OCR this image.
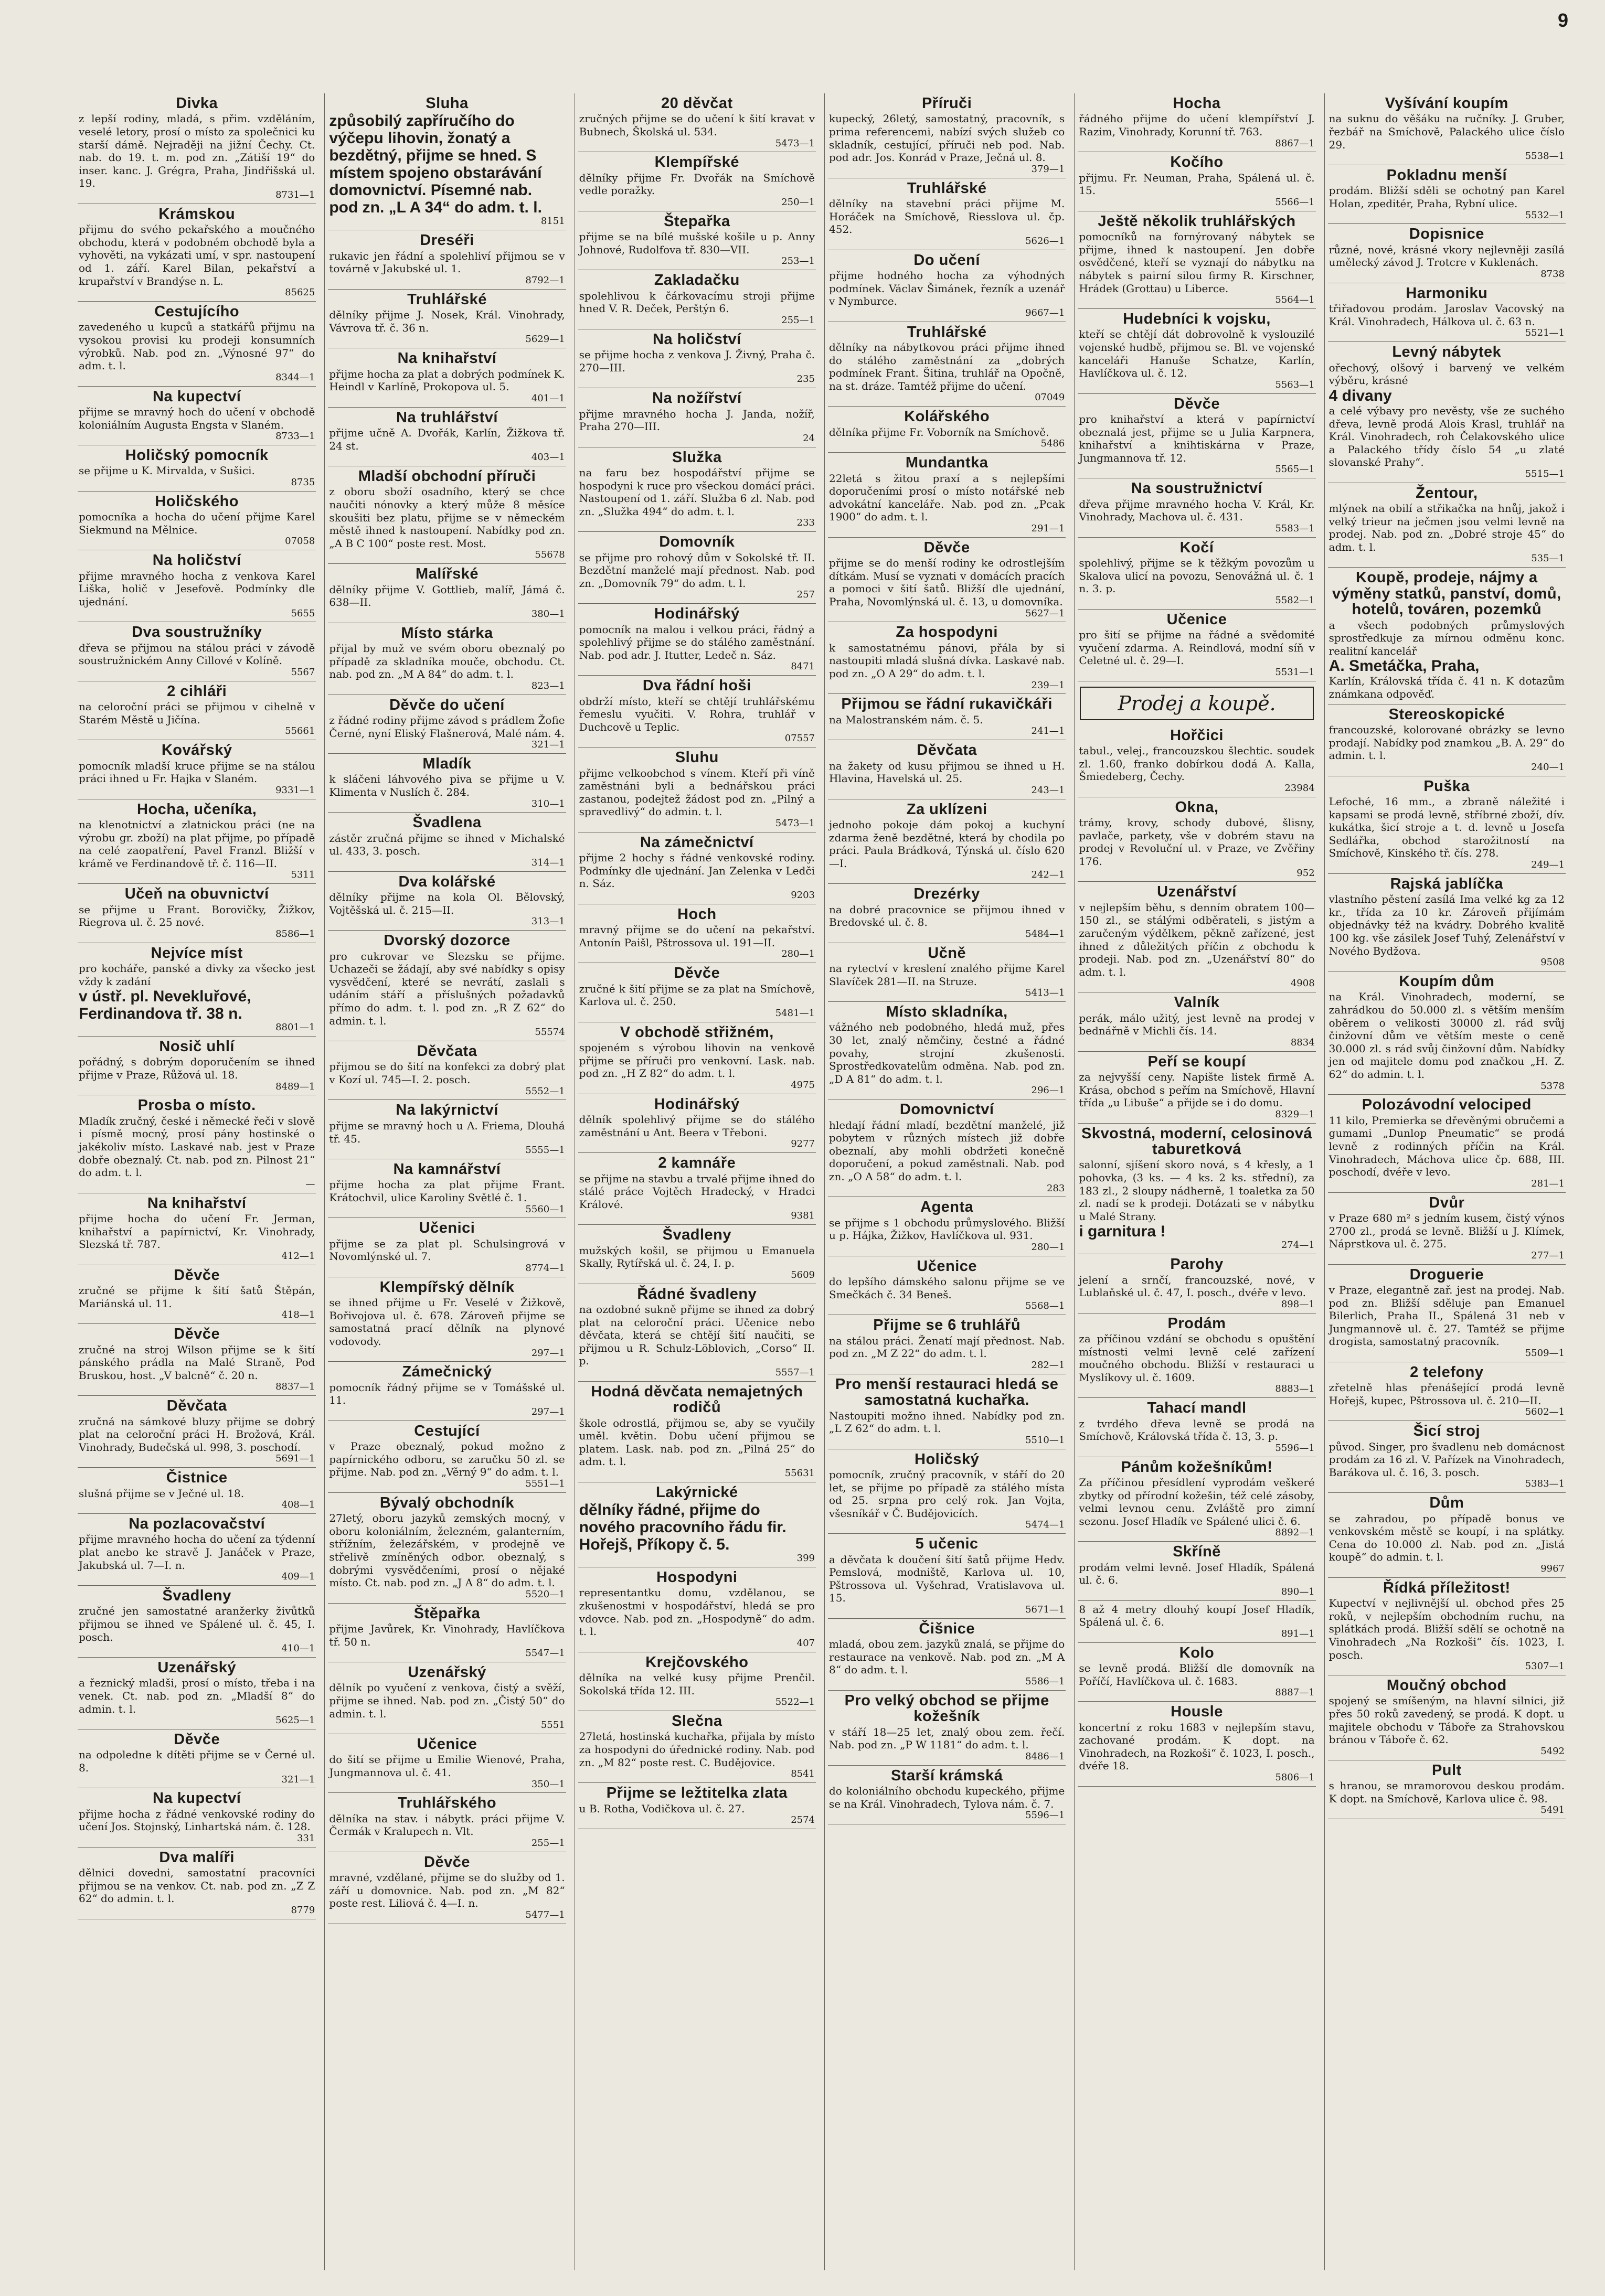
9
Divka

z lepší rodiny, mladá, s přim. vzděláním, veselé letory, prosí o místo za společnici ku starší dámě. Nejraději na jižní Čechy. Ct. nab. do 19. t. m. pod zn. „Zátiší 19“ do inser. kanc. J. Grégra, Praha, Jindřišská ul. 19.

8731—1
Krámskou

přijmu do svého pekařského a moučného obchodu, která v podobném obchodě byla a vyhověti, na vykázati umí, v spr. nastoupení od 1. září. Karel Bilan, pekařství a krupařství v Brandýse n. L.

85625
Cestujícího

zavedeného u kupců a statkářů přijmu na vysokou provisi ku prodeji konsumních výrobků. Nab. pod zn. „Výnosné 97“ do adm. t. l.

8344—1
Na kupectví

přijme se mravný hoch do učení v obchodě koloniálním Augusta Engsta v Slaném.

8733—1
Holičský pomocník

se přijme u K. Mirvalda, v Sušici.

8735
Holičského

pomocníka a hocha do učení přijme Karel Siekmund na Mělnice.

07058
Na holičství

přijme mravného hocha z venkova Karel Liška, holič v Jesefově. Podmínky dle ujednání.

5655
Dva soustružníky

dřeva se přijmou na stálou práci v závodě soustružnickém Anny Cillové v Kolíně.

5567
2 cihláři

na celoroční práci se přijmou v cihelně v Starém Městě u Jičína.

55661
Kovářský

pomocník mladší kruce přijme se na stálou práci ihned u Fr. Hajka v Slaném.

9331—1
Hocha, učeníka,

na klenotnictví a zlatnickou práci (ne na výrobu gr. zboží) na plat přijme, po případě na celé zaopatření, Pavel Franzl. Bližší v krámě ve Ferdinandově tř. č. 116—II.

5311
Učeň na obuvnictví

se přijme u Frant. Borovičky, Žižkov, Riegrova ul. č. 25 nové.

8586—1
Nejvíce míst

pro kocháře, panské a divky za všecko jest vždy k zadání

v ústř. pl. Nevekluřové, Ferdinandova tř. 38 n.

8801—1
Nosič uhlí

pořádný, s dobrým doporučením se ihned přijme v Praze, Růžová ul. 18.

8489—1
Prosba o místo.

Mladík zručný, české i německé řeči v slově i písmě mocný, prosí pány hostinské o jakékoliv místo. Laskavé nab. jest v Praze dobře obeznalý. Ct. nab. pod zn. Pilnost 21“ do adm. t. l.

—
Na knihařství

přijme hocha do učení Fr. Jerman, knihařství a papírnictví, Kr. Vinohrady, Slezská tř. 787.

412—1
Děvče

zručné se přijme k šití šatů Štěpán, Mariánská ul. 11.

418—1
Děvče

zručné na stroj Wilson přijme se k šití pánského prádla na Malé Straně, Pod Bruskou, host. „V balcně“ č. 20 n.

8837—1
Děvčata

zručná na sámkové bluzy přijme se dobrý plat na celoroční práci H. Brožová, Král. Vinohrady, Budečská ul. 998, 3. poschodí.

5691—1
Čistnice

slušná přijme se v Ječné ul. 18.

408—1
Na pozlacovačství

přijme mravného hocha do učení za týdenní plat anebo ke stravě J. Janáček v Praze, Jakubská ul. 7—I. n.

409—1
Švadleny

zručné jen samostatné aranžerky živůtků přijmou se ihned ve Spálené ul. č. 45, I. posch.

410—1
Uzenářský

a řeznický mladši, prosí o místo, třeba i na venek. Ct. nab. pod zn. „Mladší 8“ do admin. t. l.

5625—1
Děvče

na odpoledne k dítěti přijme se v Černé ul. 8.

321—1
Na kupectví

přijme hocha z řádné venkovské rodiny do učení Jos. Stojnský, Linhartská nám. č. 128.

331
Dva malíři

dělnici dovedni, samostatní pracovníci přijmou se na venkov. Ct. nab. pod zn. „Z Z 62“ do admin. t. l.

8779
Sluha

způsobilý zapříručího do výčepu lihovin, žonatý a bezdětný, přijme se hned. S místem spojeno obstarávání domovnictví. Písemné nab. pod zn. „L A 34“ do adm. t. l.

8151
Dreséři

rukavic jen řádní a spolehliví přijmou se v továrně v Jakubské ul. 1.

8792—1
Truhlářské

dělníky přijme J. Nosek, Král. Vinohrady, Vávrova tř. č. 36 n.

5629—1
Na knihařství

přijme hocha za plat a dobrých podmínek K. Heindl v Karlíně, Prokopova ul. 5.

401—1
Na truhlářství

přijme učně A. Dvořák, Karlín, Žižkova tř. 24 st.

403—1
Mladší obchodní příruči

z oboru sboží osadního, který se chce naučiti nónovky a který může 8 měsíce skoušiti bez platu, přijme se v německém městě ihned k nastoupení. Nabídky pod zn. „A B C 100“ poste rest. Most.

55678
Malířské

dělníky přijme V. Gottlieb, malíř, Jámá č. 638—II.

380—1
Místo stárka

přijal by muž ve svém oboru obeznalý po případě za skladníka mouče, obchodu. Ct. nab. pod zn. „M A 84“ do adm. t. l.

823—1
Děvče do učení

z řádné rodiny přijme závod s prádlem Žofie Černé, nyní Eliský Flašnerová, Malé nám. 4.

321—1
Mladík

k sláčeni láhvového piva se přijme u V. Klimenta v Nuslích č. 284.

310—1
Švadlena

zástěr zručná přijme se ihned v Michalské ul. 433, 3. posch.

314—1
Dva kolářské

dělníky přijme na kola Ol. Bělovský, Vojtěšská ul. č. 215—II.

313—1
Dvorský dozorce

pro cukrovar ve Slezsku se přijme. Uchazeči se žádají, aby své nabídky s opisy vysvědčení, které se nevrátí, zaslali s udáním stáří a příslušných požadavků přímo do adm. t. l. pod zn. „R Z 62“ do admin. t. l.

55574
Děvčata

přijmou se do šití na konfekci za dobrý plat v Kozí ul. 745—I. 2. posch.

5552—1
Na lakýrnictví

přijme se mravný hoch u A. Friema, Dlouhá tř. 45.

5555—1
Na kamnářství

přijme hocha za plat přijme Frant. Krátochvil, ulice Karoliny Světlé č. 1.

5560—1
Učenici

přijme se za plat pl. Schulsingrová v Novomlýnské ul. 7.

8774—1
Klempířský dělník

se ihned přijme u Fr. Veselé v Žižkově, Bořivojova ul. č. 678. Zároveň přijme se samostatná prací dělník na plynové vodovody.

297—1
Zámečnický

pomocník řádný přijme se v Tomášské ul. 11.

297—1
Cestující

v Praze obeznalý, pokud možno z papírnického odboru, se zaručku 50 zl. se přijme. Nab. pod zn. „Věrný 9“ do adm. t. l.

5551—1
Bývalý obchodník

27letý, oboru jazyků zemských mocný, v oboru koloniálním, železném, galanterním, střížním, železářském, v prodejně ve střelivě zmíněných odbor. obeznalý, s dobrými vysvědčeními, prosí o nějaké místo. Ct. nab. pod zn. „J A 8“ do adm. t. l.

5520—1
Štěpařka

přijme Javůrek, Kr. Vinohrady, Havlíčkova tř. 50 n.

5547—1
Uzenářský

dělník po vyučení z venkova, čistý a svěží, přijme se ihned. Nab. pod zn. „Čistý 50“ do admin. t. l.

5551
Učenice

do šití se přijme u Emilie Wienové, Praha, Jungmannova ul. č. 41.

350—1
Truhlářského

dělníka na stav. i nábytk. práci přijme V. Čermák v Kralupech n. Vlt.

255—1
Děvče

mravné, vzdělané, přijme se do služby od 1. září u domovnice. Nab. pod zn. „M 82“ poste rest. Liliová č. 4—I. n.

5477—1
20 děvčat

zručných přijme se do učení k šití kravat v Bubnech, Školská ul. 534.

5473—1
Klempířské

dělníky přijme Fr. Dvořák na Smíchově vedle poražky.

250—1
Štepařka

přijme se na bílé mušské košile u p. Anny Johnové, Rudolfova tř. 830—VII.

253—1
Zakladačku

spolehlivou k čárkovacímu stroji přijme hned V. R. Deček, Perštýn 6.

255—1
Na holičství

se přijme hocha z venkova J. Živný, Praha č. 270—III.

235
Na nožířství

přijme mravného hocha J. Janda, nožíř, Praha 270—III.

24
Služka

na faru bez hospodářství přijme se hospodyni k ruce pro všeckou domácí práci. Nastoupení od 1. září. Služba 6 zl. Nab. pod zn. „Služka 494“ do adm. t. l.

233
Domovník

se přijme pro rohový dům v Sokolské tř. II. Bezdětní manželé mají přednost. Nab. pod zn. „Domovník 79“ do adm. t. l.

257
Hodinářský

pomocník na malou i velkou práci, řádný a spolehlivý přijme se do stálého zaměstnání. Nab. pod adr. J. Itutter, Ledeč n. Sáz.

8471
Dva řádní hoši

obdrží místo, kteří se chtějí truhlářskému řemeslu vyučiti. V. Rohra, truhlář v Duchcově u Teplic.

07557
Sluhu

přijme velkoobchod s vínem. Kteří při víně zaměstnáni byli a bednářskou práci zastanou, podejtež žádost pod zn. „Pilný a spravedlivý“ do admin. t. l.

5473—1
Na zámečnictví

přijme 2 hochy s řádné venkovské rodiny. Podmínky dle ujednání. Jan Zelenka v Ledči n. Sáz.

9203
Hoch

mravný přijme se do učení na pekařství. Antonín Paišl, Pštrossova ul. 191—II.

280—1
Děvče

zručné k šití přijme se za plat na Smíchově, Karlova ul. č. 250.

5481—1
V obchodě střižném,

spojeném s výrobou lihovin na venkově přijme se příruči pro venkovní. Lask. nab. pod zn. „H Z 82“ do adm. t. l.

4975
Hodinářský

dělník spolehlivý přijme se do stálého zaměstnání u Ant. Beera v Třeboni.

9277
2 kamnáře

se přijme na stavbu a trvalé přijme ihned do stálé práce Vojtěch Hradecký, v Hradci Králové.

9381
Švadleny

mužských košil, se přijmou u Emanuela Skally, Rytířská ul. č. 24, I. p.

5609
Řádné švadleny

na ozdobné sukně přijme se ihned za dobrý plat na celoroční práci. Učenice nebo děvčata, která se chtějí šití naučiti, se přijmou u R. Schulz-Löblovich, „Corso“ II. p.

5557—1
Hodná děvčata nemajetných rodičů

škole odrostlá, přijmou se, aby se vyučily uměl. květin. Dobu učení přijmou se platem. Lask. nab. pod zn. „Pilná 25“ do adm. t. l.

55631
Lakýrnické

dělníky řádné, přijme do nového pracovního řádu fir. Hořejš, Příkopy č. 5.

399
Hospodyni

representantku domu, vzdělanou, se zkušenostmi v hospodářství, hledá se pro vdovce. Nab. pod zn. „Hospodyně“ do adm. t. l.

407
Krejčovského

dělníka na velké kusy přijme Prenčil. Sokolská třída 12. III.

5522—1
Slečna

27letá, hostinská kuchařka, přijala by místo za hospodyni do úřednické rodiny. Nab. pod zn. „M 82“ poste rest. C. Budějovice.

8541
Přijme se ležtitelka zlata

u B. Rotha, Vodičkova ul. č. 27.

2574
Příruči

kupecký, 26letý, samostatný, pracovník, s prima referencemi, nabízí svých služeb co skladník, cestující, příruči neb pod. Nab. pod adr. Jos. Konrád v Praze, Ječná ul. 8.

379—1
Truhlářské

dělníky na stavební práci přijme M. Horáček na Smíchově, Riesslova ul. čp. 452.

5626—1
Do učení

přijme hodného hocha za výhodných podmínek. Václav Šimánek, řezník a uzenář v Nymburce.

9667—1
Truhlářské

dělníky na nábytkovou práci přijme ihned do stálého zaměstnání za „dobrých podmínek Frant. Šitina, truhlář na Opočně, na st. dráze. Tamtéž přijme do učení.

07049
Kolářského

dělníka přijme Fr. Voborník na Smíchově.

5486
Mundantka

22letá s žitou praxí a s nejlepšími doporučeními prosí o místo notářské neb advokátní kanceláře. Nab. pod zn. „Pcak 1900“ do adm. t. l.

291—1
Děvče

přijme se do menší rodiny ke odrostlejším dítkám. Musí se vyznati v domácích pracích a pomoci v šití šatů. Bližší dle ujednání, Praha, Novomlýnská ul. č. 13, u domovníka.

5627—1
Za hospodyni

k samostatnému pánovi, přála by si nastoupiti mladá slušná dívka. Laskavé nab. pod zn. „O A 29“ do adm. t. l.

239—1
Přijmou se řádní rukavičkáři

na Malostranském nám. č. 5.

241—1
Děvčata

na žakety od kusu přijmou se ihned u H. Hlavina, Havelská ul. 25.

243—1
Za uklízeni

jednoho pokoje dám pokoj a kuchyní zdarma ženě bezdětné, která by chodila po práci. Paula Brádková, Týnská ul. číslo 620—I.

242—1
Drezérky

na dobré pracovnice se přijmou ihned v Bredovské ul. č. 8.

5484—1
Učně

na rytectví v kreslení znalého přijme Karel Slavíček 281—II. na Struze.

5413—1
Místo skladníka,

vážného neb podobného, hledá muž, přes 30 let, znalý němčiny, čestné a řádné povahy, strojní zkušenosti. Sprostředkovatelům odměna. Nab. pod zn. „D A 81“ do adm. t. l.

296—1
Domovnictví

hledají řádní mladí, bezdětní manželé, již pobytem v různých místech již dobře obeznalí, aby mohli obdržeti konečně doporučení, a pokud zaměstnali. Nab. pod zn. „O A 58“ do adm. t. l.

283
Agenta

se přijme s 1 obchodu průmyslového. Bližší u p. Hájka, Žižkov, Havlíčkova ul. 931.

280—1
Učenice

do lepšího dámského salonu přijme se ve Smečkách č. 34 Beneš.

5568—1
Přijme se 6 truhlářů

na stálou práci. Ženatí mají přednost. Nab. pod zn. „M Z 22“ do adm. t. l.

282—1
Pro menší restauraci hledá se samostatná kuchařka.

Nastoupiti možno ihned. Nabídky pod zn. „L Z 62“ do adm. t. l.

5510—1
Holičský

pomocník, zručný pracovník, v stáří do 20 let, se přijme po případě za stálého místa od 25. srpna pro celý rok. Jan Vojta, všesníkář v Č. Budějovicích.

5474—1
5 učenic

a děvčata k doučení šití šatů přijme Hedv. Pemslová, modniště, Karlova ul. 10, Pštrossova ul. Vyšehrad, Vratislavova ul. 15.

5671—1
Čišnice

mladá, obou zem. jazyků znalá, se přijme do restaurace na venkově. Nab. pod zn. „M A 8“ do adm. t. l.

5586—1
Pro velký obchod se přijme kožešník

v stáří 18—25 let, znalý obou zem. řečí. Nab. pod zn. „P W 1181“ do adm. t. l.

8486—1
Starší krámská

do koloniálního obchodu kupeckého, přijme se na Král. Vinohradech, Tylova nám. č. 7.

5596—1
Hocha

řádného přijme do učení klempířství J. Razim, Vinohrady, Korunní tř. 763.

8867—1
Kočího

přijmu. Fr. Neuman, Praha, Spálená ul. č. 15.

5566—1
Ještě několik truhlářských

pomocníků na fornýrovaný nábytek se přijme, ihned k nastoupení. Jen dobře osvědčené, kteří se vyznají do nábytku na nábytek s pairní silou firmy R. Kirschner, Hrádek (Grottau) u Liberce.

5564—1
Hudebníci k vojsku,

kteří se chtějí dát dobrovolně k vyslouzilé vojenské hudbě, přijmou se. Bl. ve vojenské kanceláři Hanuše Schatze, Karlín, Havlíčkova ul. č. 12.

5563—1
Děvče

pro knihařství a která v papírnictví obeznalá jest, přijme se u Julia Karpnera, knihařství a knihtiskárna v Praze, Jungmannova tř. 12.

5565—1
Na soustružnictví

dřeva přijme mravného hocha V. Král, Kr. Vinohrady, Machova ul. č. 431.

5583—1
Kočí

spolehlivý, přijme se k těžkým povozům u Skalova ulicí na povozu, Senovážná ul. č. 1 n. 3. p.

5582—1
Učenice

pro šití se přijme na řádné a svědomité vyučení zdarma. A. Reindlová, modní síň v Celetné ul. č. 29—I.

5531—1
Prodej a koupě.
Hořčici

tabul., velej., francouzskou šlechtic. soudek zl. 1.60, franko dobírkou dodá A. Kalla, Šmiedeberg, Čechy.

23984
Okna,

trámy, krovy, schody dubové, šlisny, pavlače, parkety, vše v dobrém stavu na prodej v Revoluční ul. v Praze, ve Zvěřiny 176.

952
Uzenářství

v nejlepším běhu, s denním obratem 100—150 zl., se stálými odběrateli, s jistým a zaručeným výdělkem, pěkně zařízené, jest ihned z důležitých příčin z obchodu k prodeji. Nab. pod zn. „Uzenářství 80“ do adm. t. l.

4908
Valník

perák, málo užitý, jest levně na prodej v bednářně v Michli čís. 14.

8834
Peří se koupí

za nejvyšší ceny. Napište listek firmě A. Krása, obchod s peřím na Smíchově, Hlavní třída „u Libuše“ a přijde se i do domu.

8329—1
Skvostná, moderní, celosinová taburetková

salonní, sjíšení skoro nová, s 4 křesly, a 1 pohovka, (3 ks. — 4 ks. 2 ks. střední), za 183 zl., 2 sloupy nádherně, 1 toaletka za 50 zl. nadí se k prodeji. Dotázati se v nábytku u Malé Strany.

i garnitura !

274—1
Parohy

jelení a srnčí, francouzské, nové, v Lublaňské ul. č. 47, I. posch., dvéře v levo.

898—1
Prodám

za příčinou vzdání se obchodu s opuštění místnosti velmi levně celé zařízení moučného obchodu. Bližší v restauraci u Myslíkovy ul. č. 1609.

8883—1
Tahací mandl

z tvrdého dřeva levně se prodá na Smíchově, Královská třída č. 13, 3. p.

5596—1
Pánům kožešníkům!

Za příčinou přesídlení vyprodám veškeré zbytky od přírodní kožešin, též celé zásoby, velmi levnou cenu. Zvláště pro zimní sezonu. Josef Hladík ve Spálené ulici č. 6.

8892—1
Skříně

prodám velmi levně. Josef Hladík, Spálená ul. č. 6.

890—1

8 až 4 metry dlouhý koupí Josef Hladík, Spálená ul. č. 6.

891—1
Kolo

se levně prodá. Bližší dle domovník na Poříčí, Havlíčkova ul. č. 1683.

8887—1
Housle

koncertní z roku 1683 v nejlepším stavu, zachované prodám. K dopt. na Vinohradech, na Rozkoši“ č. 1023, I. posch., dvéře 18.

5806—1
Vyšívání koupím

na suknu do věšáku na ručníky. J. Gruber, řezbář na Smíchově, Palackého ulice číslo 29.

5538—1
Pokladnu menší

prodám. Bližší sděli se ochotný pan Karel Holan, zpeditér, Praha, Rybní ulice.

5532—1
Dopisnice

různé, nové, krásné vkory nejlevněji zasílá umělecký závod J. Trotcre v Kuklenách.

8738
Harmoniku

třiřadovou prodám. Jaroslav Vacovský na Král. Vinohradech, Hálkova ul. č. 63 n.

5521—1
Levný nábytek

ořechový, olšový i barvený ve velkém výběru, krásné

4 divany

a celé výbavy pro nevěsty, vše ze suchého dřeva, levně prodá Alois Krasl, truhlář na Král. Vinohradech, roh Čelakovského ulice a Palackého třídy číslo 54 „u zlaté slovanské Prahy“.

5515—1
Žentour,

mlýnek na obilí a střikačka na hnůj, jakož i velký trieur na ječmen jsou velmi levně na prodej. Nab. pod zn. „Dobré stroje 45“ do adm. t. l.

535—1
Koupě, prodeje, nájmy a výměny statků, panství, domů, hotelů, továren, pozemků

a všech podobných průmyslových sprostředkuje za mírnou odměnu konc. realitní kancelář

A. Smetáčka, Praha,

Karlín, Královská třída č. 41 n. K dotazům známkana odpověď.

Stereoskopické

francouzské, kolorované obrázky se levno prodají. Nabídky pod znamkou „B. A. 29“ do admin. t. l.

240—1
Puška

Lefoché, 16 mm., a zbraně náležité i kapsami se prodá levně, stříbrné zboží, dív. kukátka, šicí stroje a t. d. levně u Josefa Sedlářka, obchod starožitností na Smíchově, Kinského tř. čís. 278.

249—1
Rajská jablíčka

vlastního pěstení zasílá Ima velké kg za 12 kr., třída za 10 kr. Zároveň přijímám objednávky též na kvádry. Dobrého kvalitě 100 kg. vše zásilek Josef Tuhý, Zelenářství v Nového Bydžova.

9508
Koupím dům

na Král. Vinohradech, moderní, se zahrádkou do 50.000 zl. s větším menším oběrem o velikosti 30000 zl. rád svůj činžovní dům ve větším meste o ceně 30.000 zl. s rád svůj činžovní dům. Nabídky jen od majitele domu pod značkou „H. Z. 62“ do admin. t. l.

5378
Polozávodní velociped

11 kilo, Premierka se dřevěnými obručemi a gumami „Dunlop Pneumatic“ se prodá levně z rodinných příčin na Král. Vinohradech, Máchova ulice čp. 688, III. poschodí, dvéře v levo.

281—1
Dvůr

v Praze 680 m² s jedním kusem, čistý výnos 2700 zl., prodá se levně. Bližší u J. Klímek, Náprstkova ul. č. 275.

277—1
Droguerie

v Praze, elegantně zař. jest na prodej. Nab. pod zn. Bližší sděluje pan Emanuel Bilerlich, Praha II., Spálená 31 neb v Jungmannově ul. č. 27. Tamtéž se přijme drogista, samostatný pracovník.

5509—1
2 telefony

zřetelně hlas přenášející prodá levně Hořejš, kupec, Pštrossova ul. č. 210—II.

5602—1
Šicí stroj

původ. Singer, pro švadlenu neb domácnost prodám za 16 zl. V. Pařízek na Vinohradech, Barákova ul. č. 16, 3. posch.

5383—1
Dům

se zahradou, po případě bonus ve venkovském městě se koupí, i na splátky. Cena do 10.000 zl. Nab. pod zn. „Jistá koupě“ do admin. t. l.

9967
Řídká příležitost!

Kupectví v nejlivnější ul. obchod přes 25 roků, v nejlepším obchodním ruchu, na splátkách prodá. Bližší sdělí se ochotně na Vinohradech „Na Rozkoši“ čís. 1023, I. posch.

5307—1
Moučný obchod

spojený se smíšeným, na hlavní silnici, již přes 50 roků zavedený, se prodá. K dopt. u majitele obchodu v Táboře za Strahovskou bránou v Táboře č. 62.

5492
Pult

s hranou, se mramorovou deskou prodám. K dopt. na Smíchově, Karlova ulice č. 98.

5491
